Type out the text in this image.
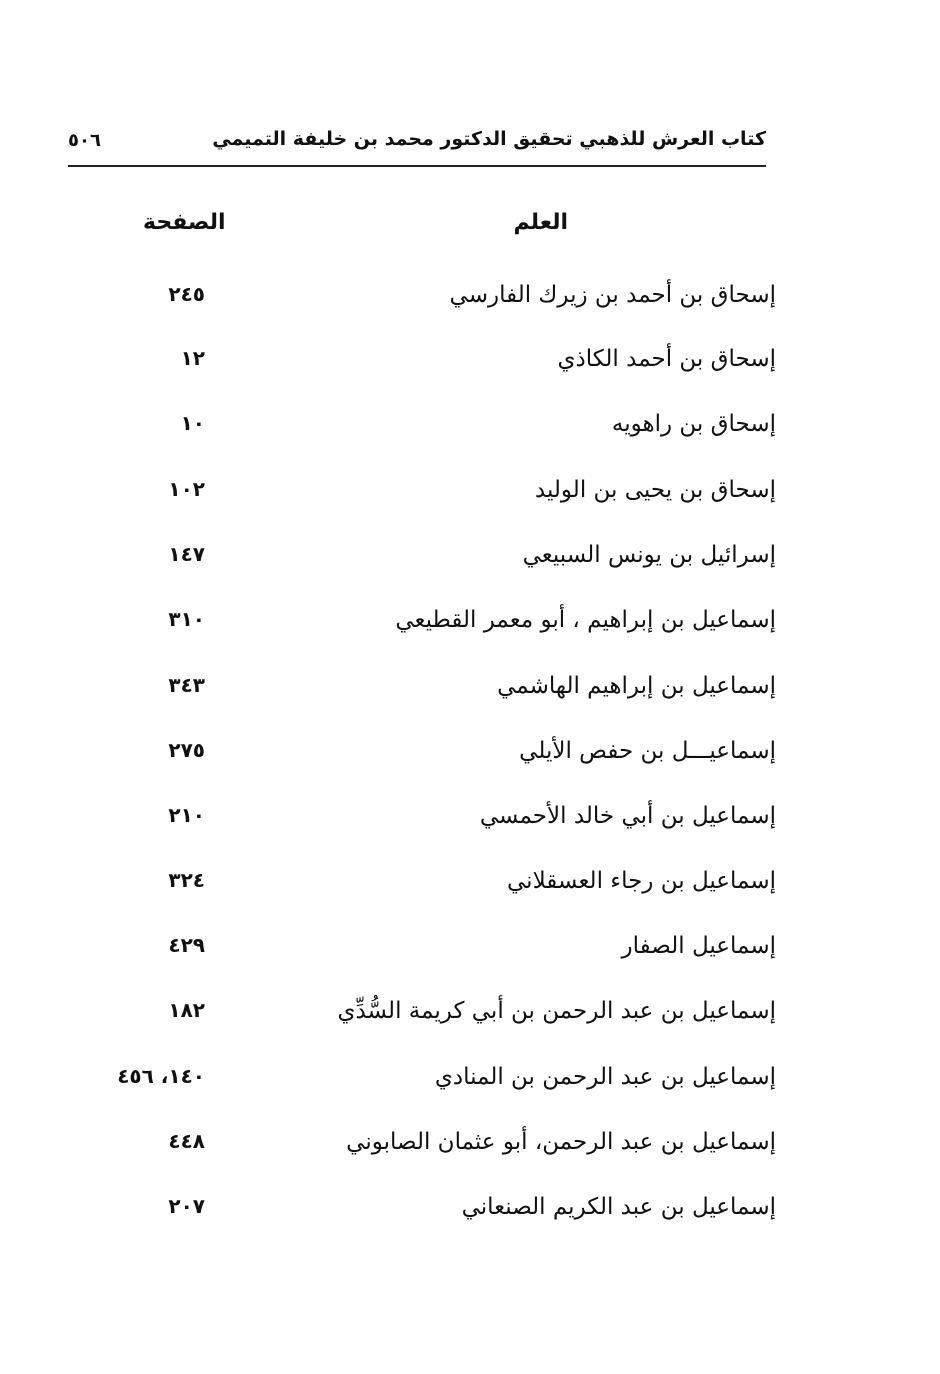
كتاب العرش للذهبي تحقيق الدكتور محمد بن خليفة التميمي
٥٠٦
العلم
الصفحة
إسحاق بن أحمد بن زيرك الفارسي
٢٤٥
إسحاق بن أحمد الكاذي
١٢
إسحاق بن راهويه
١٠
إسحاق بن يحيى بن الوليد
١٠٢
إسرائيل بن يونس السبيعي
١٤٧
إسماعيل بن إبراهيم ، أبو معمر القطيعي
٣١٠
إسماعيل بن إبراهيم الهاشمي
٣٤٣
إسماعيـــل بن حفص الأيلي
٢٧٥
إسماعيل بن أبي خالد الأحمسي
٢١٠
إسماعيل بن رجاء العسقلاني
٣٢٤
إسماعيل الصفار
٤٢٩
إسماعيل بن عبد الرحمن بن أبي كريمة السُّدِّي
١٨٢
إسماعيل بن عبد الرحمن بن المنادي
١٤٠، ٤٥٦
إسماعيل بن عبد الرحمن، أبو عثمان الصابوني
٤٤٨
إسماعيل بن عبد الكريم الصنعاني
٢٠٧
